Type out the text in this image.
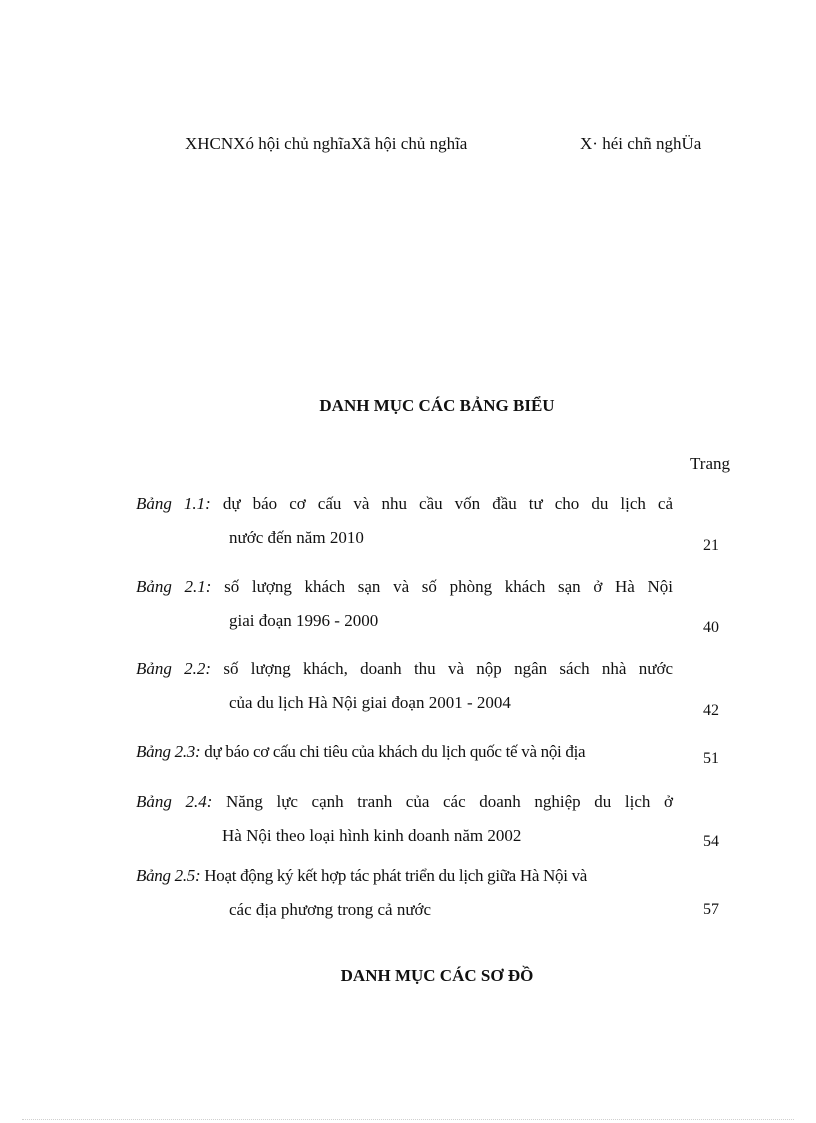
XHCNXó hội chủ nghĩaXã hội chủ nghĩa	X· héi chñ nghÜa
DANH MỤC CÁC BẢNG BIỂU
Trang
Bảng 1.1: dự báo cơ cấu và nhu cầu vốn đầu tư cho du lịch cả
nước đến năm 2010	21
Bảng 2.1: số lượng khách sạn và số phòng khách sạn ở Hà Nội
giai đoạn 1996 - 2000	40
Bảng 2.2: số lượng khách, doanh thu và nộp ngân sách nhà nước
của du lịch Hà Nội giai đoạn 2001 - 2004	42
Bảng 2.3: dự báo cơ cấu chi tiêu của khách du lịch quốc tế và nội địa	51
Bảng 2.4: Năng lực cạnh tranh của các doanh nghiệp du lịch ở
Hà Nội theo loại hình kinh doanh năm 2002	54
Bảng 2.5: Hoạt động ký kết hợp tác phát triển du lịch giữa Hà Nội và
các địa phương trong cả nước	57
DANH MỤC CÁC SƠ ĐỒ
